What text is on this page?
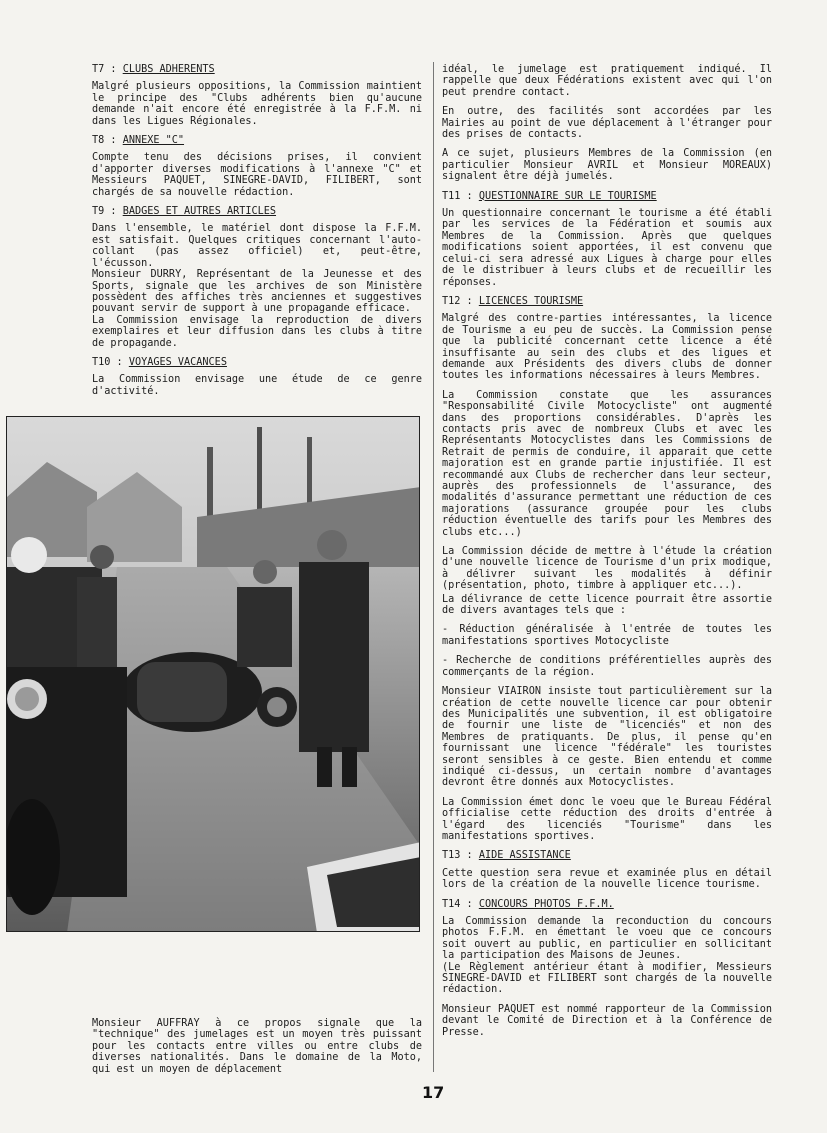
T7 : CLUBS ADHERENTS

Malgré plusieurs oppositions, la Commission maintient le principe des "Clubs adhérents bien qu'aucune demande n'ait encore été enregistrée à la F.F.M. ni dans les Ligues Régionales.

T8 : ANNEXE "C"

Compte tenu des décisions prises, il convient d'apporter diverses modifications à l'annexe "C" et Messieurs PAQUET, SINEGRE-DAVID, FILIBERT, sont chargés de sa nouvelle rédaction.

T9 : BADGES ET AUTRES ARTICLES

Dans l'ensemble, le matériel dont dispose la F.F.M. est satisfait. Quelques critiques concernant l'auto-collant (pas assez officiel) et, peut-être, l'écusson.

Monsieur DURRY, Représentant de la Jeunesse et des Sports, signale que les archives de son Ministère possèdent des affiches très anciennes et suggestives pouvant servir de support à une propagande efficace.

La Commission envisage la reproduction de divers exemplaires et leur diffusion dans les clubs à titre de propagande.

T10 : VOYAGES VACANCES

La Commission envisage une étude de ce genre d'activité.

Monsieur AUFFRAY à ce propos signale que la "technique" des jumelages est un moyen très puissant pour les contacts entre villes ou entre clubs de diverses nationalités. Dans le domaine de la Moto, qui est un moyen de déplacement

idéal, le jumelage est pratiquement indiqué. Il rappelle que deux Fédérations existent avec qui l'on peut prendre contact.

En outre, des facilités sont accordées par les Mairies au point de vue déplacement à l'étranger pour des prises de contacts.

A ce sujet, plusieurs Membres de la Commission (en particulier Monsieur AVRIL et Monsieur MOREAUX) signalent être déjà jumelés.

T11 : QUESTIONNAIRE SUR LE TOURISME

Un questionnaire concernant le tourisme a été établi par les services de la Fédération et soumis aux Membres de la Commission. Après que quelques modifications soient apportées, il est convenu que celui-ci sera adressé aux Ligues à charge pour elles de le distribuer à leurs clubs et de recueillir les réponses.

T12 : LICENCES TOURISME

Malgré des contre-parties intéressantes, la licence de Tourisme a eu peu de succès. La Commission pense que la publicité concernant cette licence a été insuffisante au sein des clubs et des ligues et demande aux Présidents des divers clubs de donner toutes les informations nécessaires à leurs Membres.

La Commission constate que les assurances "Responsabilité Civile Motocycliste" ont augmenté dans des proportions considérables. D'après les contacts pris avec de nombreux Clubs et avec les Représentants Motocyclistes dans les Commissions de Retrait de permis de conduire, il apparait que cette majoration est en grande partie injustifiée. Il est recommandé aux Clubs de rechercher dans leur secteur, auprès des professionnels de l'assurance, des modalités d'assurance permettant une réduction de ces majorations (assurance groupée pour les clubs réduction éventuelle des tarifs pour les Membres des clubs etc...)

La Commission décide de mettre à l'étude la création d'une nouvelle licence de Tourisme d'un prix modique, à délivrer suivant les modalités à définir (présentation, photo, timbre à appliquer etc...).

La délivrance de cette licence pourrait être assortie de divers avantages tels que :

- Réduction généralisée à l'entrée de toutes les manifestations sportives Motocycliste

- Recherche de conditions préférentielles auprès des commerçants de la région.

Monsieur VIAIRON insiste tout particulièrement sur la création de cette nouvelle licence car pour obtenir des Municipalités une subvention, il est obligatoire de fournir une liste de "licenciés" et non des Membres de pratiquants. De plus, il pense qu'en fournissant une licence "fédérale" les touristes seront sensibles à ce geste. Bien entendu et comme indiqué ci-dessus, un certain nombre d'avantages devront être donnés aux Motocyclistes.

La Commission émet donc le voeu que le Bureau Fédéral officialise cette réduction des droits d'entrée à l'égard des licenciés "Tourisme" dans les manifestations sportives.

T13 : AIDE ASSISTANCE

Cette question sera revue et examinée plus en détail lors de la création de la nouvelle licence tourisme.

T14 : CONCOURS PHOTOS F.F.M.

La Commission demande la reconduction du concours photos F.F.M. en émettant le voeu que ce concours soit ouvert au public, en particulier en sollicitant la participation des Maisons de Jeunes.

(Le Règlement antérieur étant à modifier, Messieurs SINEGRE-DAVID et FILIBERT sont chargés de la nouvelle rédaction.

Monsieur PAQUET est nommé rapporteur de la Commission devant le Comité de Direction et à la Conférence de Presse.

17
